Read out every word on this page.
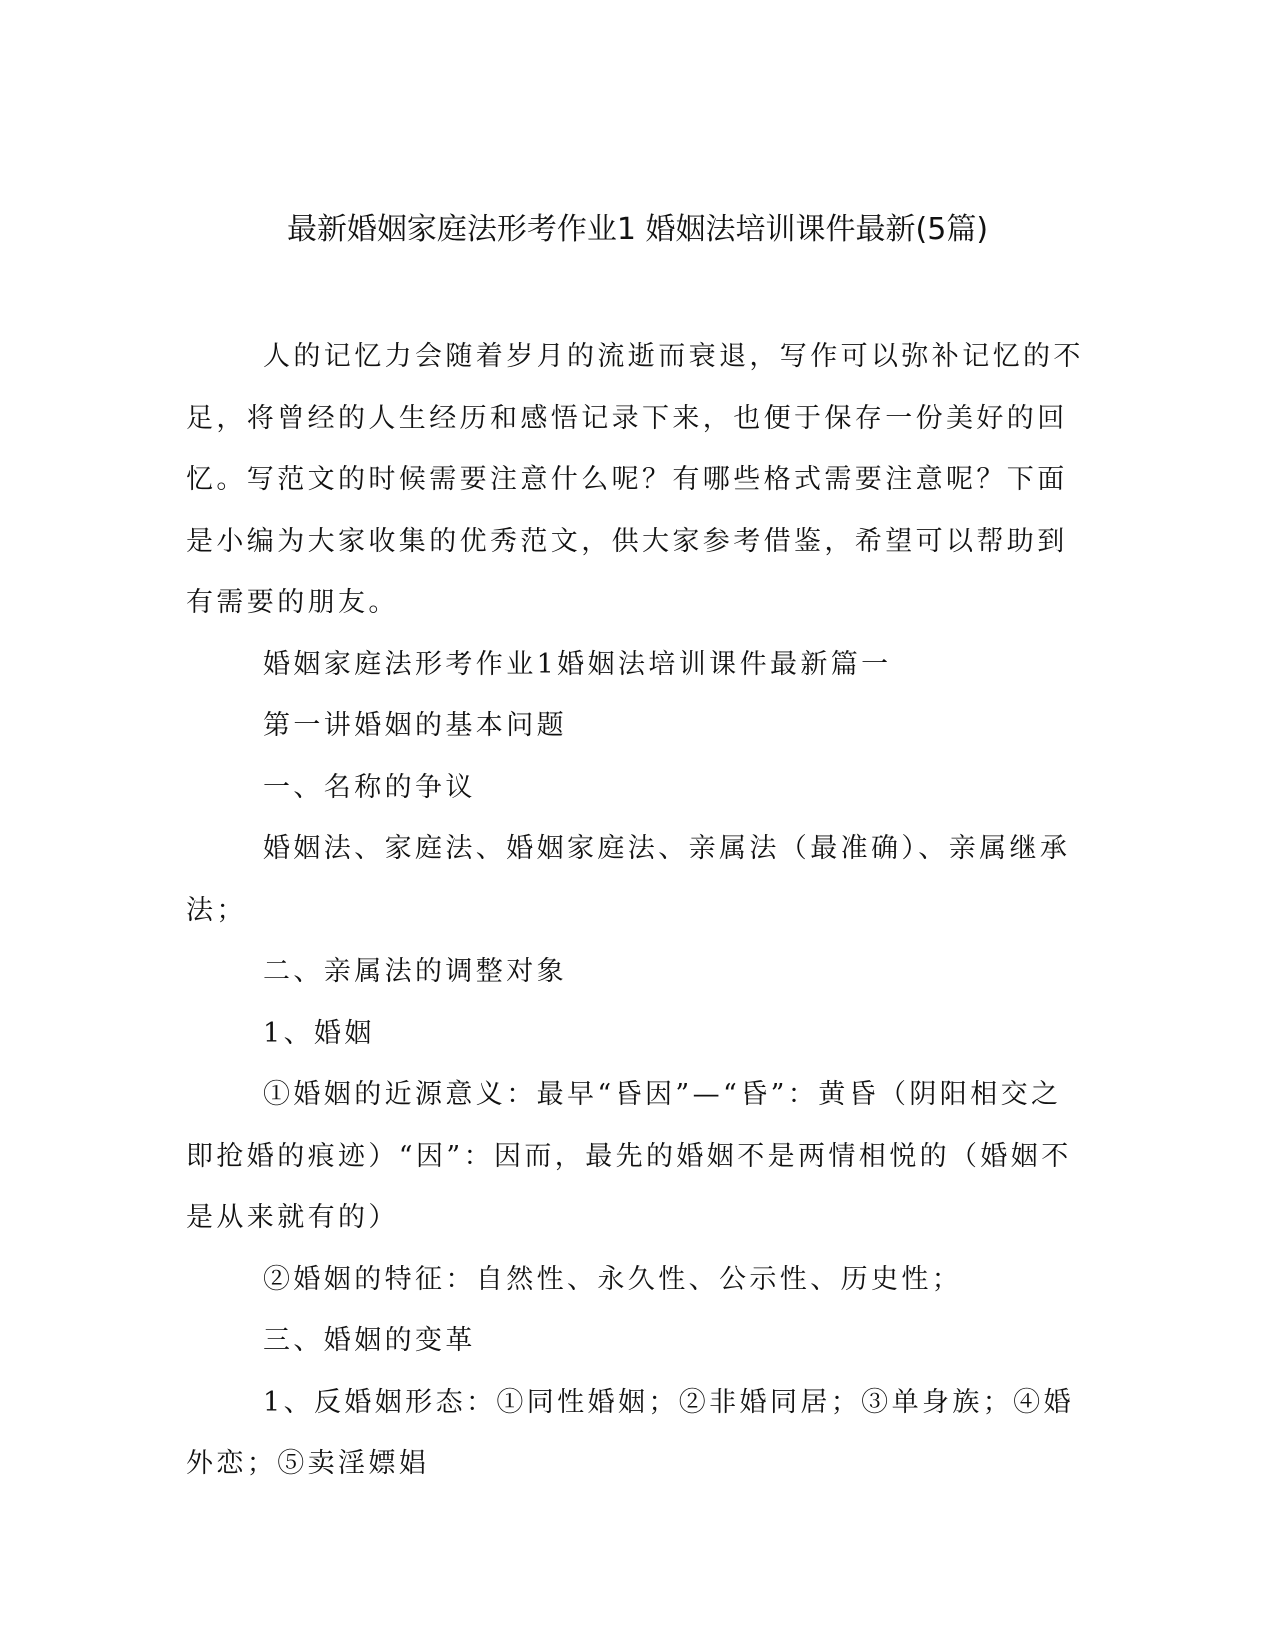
最新婚姻家庭法形考作业1 婚姻法培训课件最新(5篇)

人的记忆力会随着岁月的流逝而衰退，写作可以弥补记忆的不足，将曾经的人生经历和感悟记录下来，也便于保存一份美好的回忆。写范文的时候需要注意什么呢？有哪些格式需要注意呢？下面是小编为大家收集的优秀范文，供大家参考借鉴，希望可以帮助到有需要的朋友。

婚姻家庭法形考作业1婚姻法培训课件最新篇一

第一讲婚姻的基本问题

一、名称的争议

婚姻法、家庭法、婚姻家庭法、亲属法（最准确）、亲属继承法；

二、亲属法的调整对象

1、婚姻

①婚姻的近源意义：最早“昏因”—“昏”：黄昏（阴阳相交之即抢婚的痕迹）“因”：因而，最先的婚姻不是两情相悦的（婚姻不是从来就有的）

②婚姻的特征：自然性、永久性、公示性、历史性；

三、婚姻的变革

1、反婚姻形态：①同性婚姻；②非婚同居；③单身族；④婚外恋；⑤卖淫嫖娼
